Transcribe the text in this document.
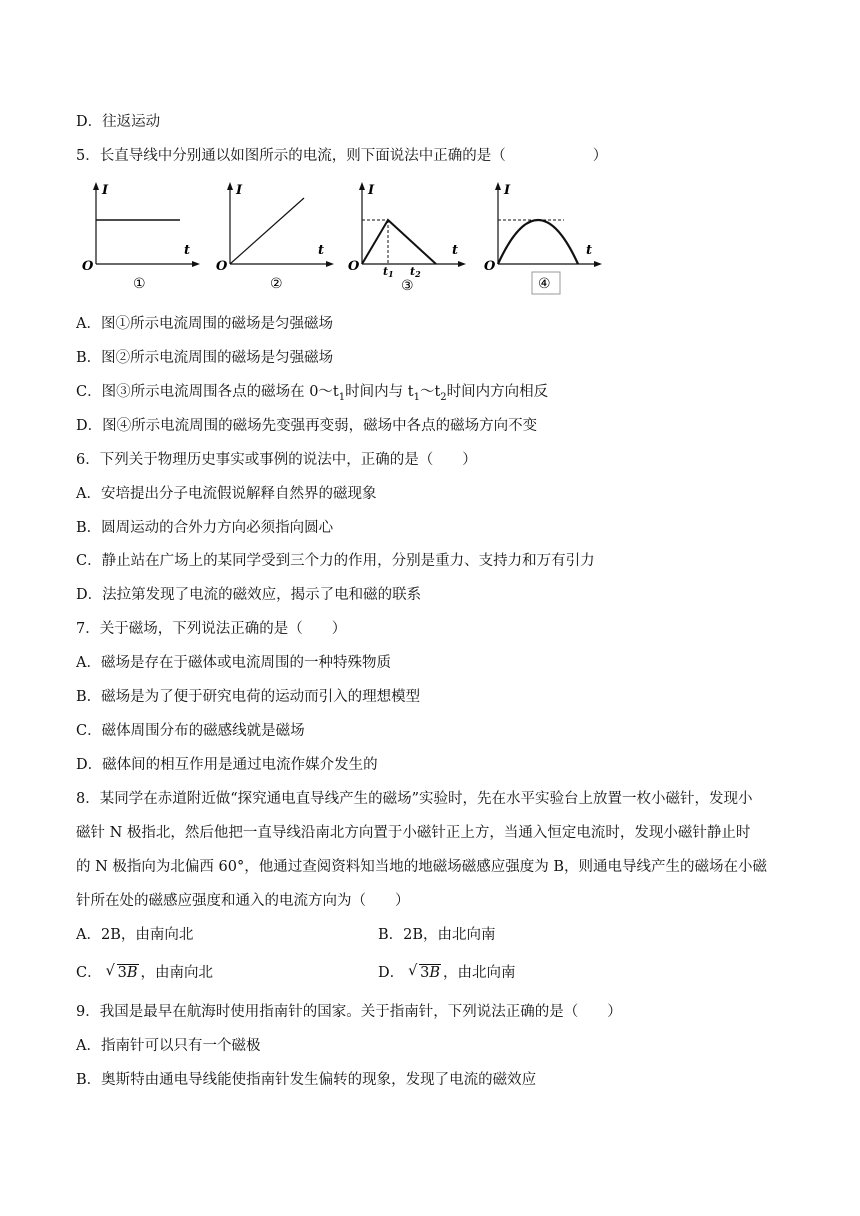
D．往返运动
5．长直导线中分别通以如图所示的电流，则下面说法中正确的是（　　　　　　）
I
t
O
①
I
t
O
②
I
t
O t1 t2
③
I
t
O
④
A．图①所示电流周围的磁场是匀强磁场
B．图②所示电流周围的磁场是匀强磁场
C．图③所示电流周围各点的磁场在 $0\sim t_1$时间内与 $t_1\sim t_2$时间内方向相反
D．图④所示电流周围的磁场先变强再变弱，磁场中各点的磁场方向不变
6．下列关于物理历史事实或事例的说法中，正确的是（　　）
A．安培提出分子电流假说解释自然界的磁现象
B．圆周运动的合外力方向必须指向圆心
C．静止站在广场上的某同学受到三个力的作用，分别是重力、支持力和万有引力
D．法拉第发现了电流的磁效应，揭示了电和磁的联系
7．关于磁场，下列说法正确的是（　　）
A．磁场是存在于磁体或电流周围的一种特殊物质
B．磁场是为了便于研究电荷的运动而引入的理想模型
C．磁体周围分布的磁感线就是磁场
D．磁体间的相互作用是通过电流作媒介发生的
8．某同学在赤道附近做“探究通电直导线产生的磁场”实验时，先在水平实验台上放置一枚小磁针，发现小
磁针 N 极指北，然后他把一直导线沿南北方向置于小磁针正上方，当通入恒定电流时，发现小磁针静止时
的 N 极指向为北偏西 60°，他通过查阅资料知当地的地磁场磁感应强度为 B，则通电导线产生的磁场在小磁
针所在处的磁感应强度和通入的电流方向为（　　）
A．2B，由南向北	B．2B，由北向南
C． √ 3B ，由南向北	D． √ 3B ，由北向南
9．我国是最早在航海时使用指南针的国家。关于指南针，下列说法正确的是（　　）
A．指南针可以只有一个磁极
B．奥斯特由通电导线能使指南针发生偏转的现象，发现了电流的磁效应
